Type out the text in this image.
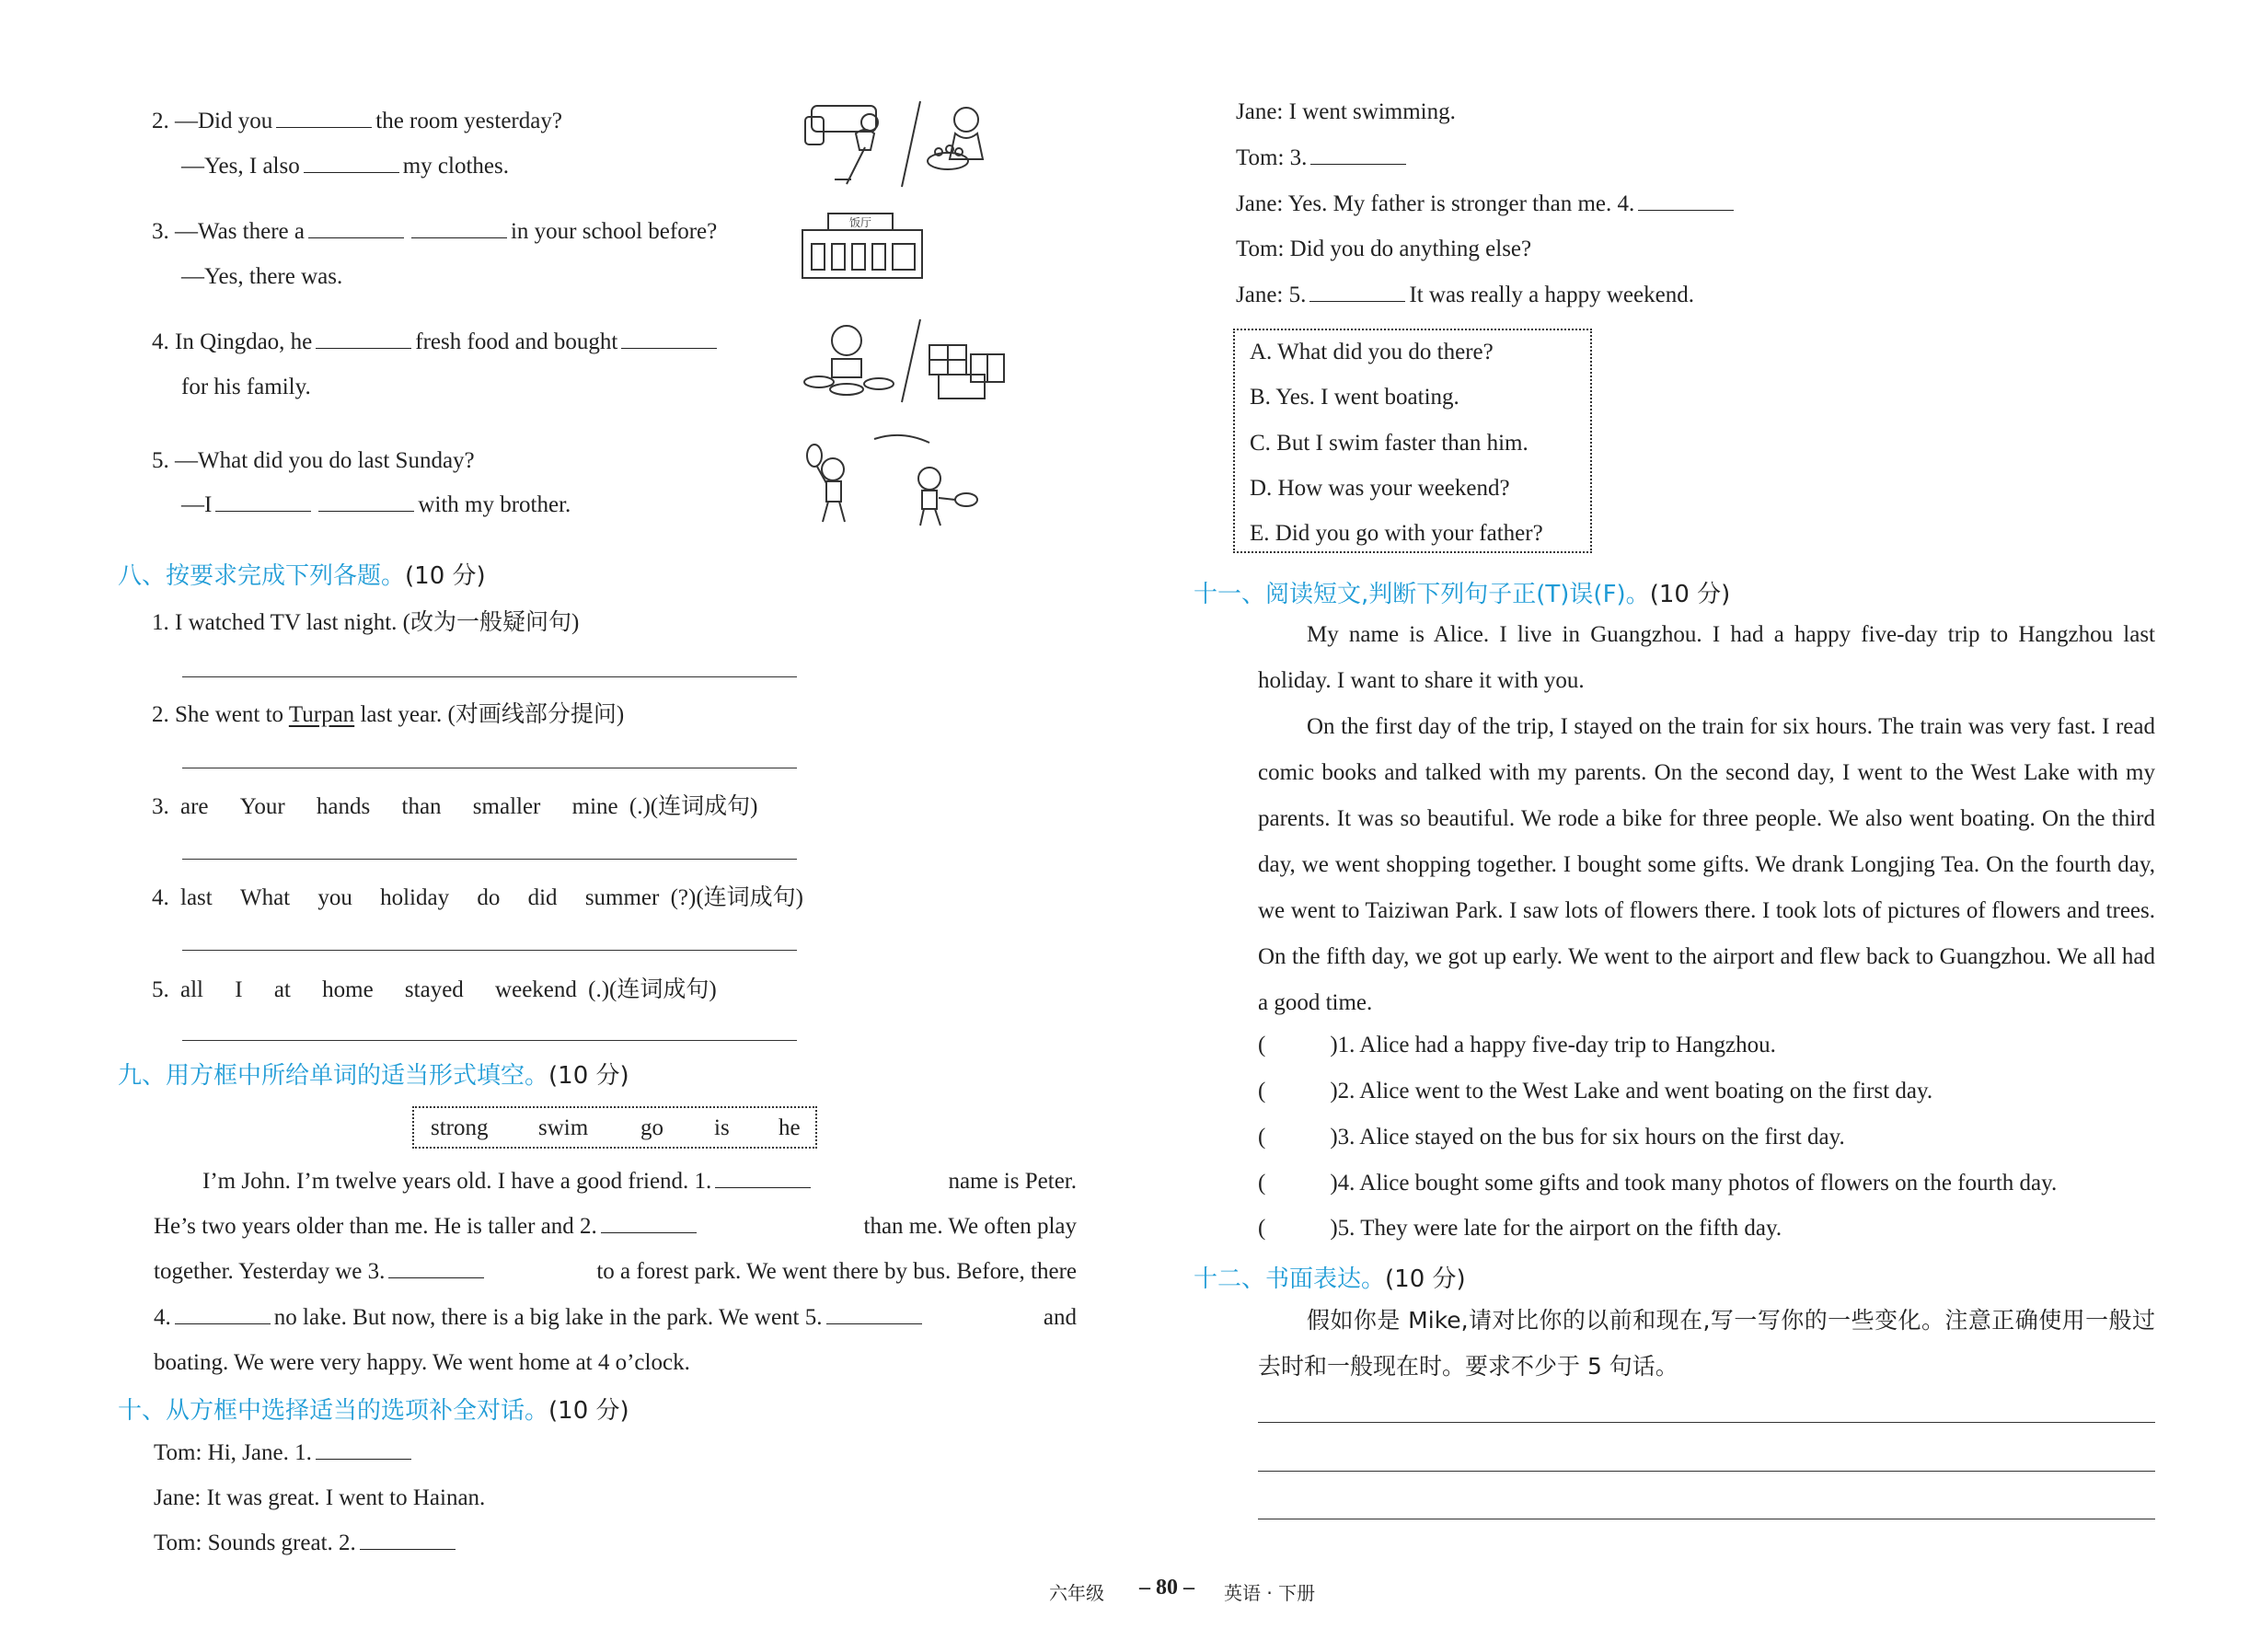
2. —Did you	the room yesterday?
—Yes, I also	my clothes.
3. —Was there a	in your school before?
—Yes, there was.
4. In Qingdao, he	fresh food and bought
for his family.
5. —What did you do last Sunday?
—I	with my brother.
饭厅
八、按要求完成下列各题。(10 分)
1. I watched TV last night. (改为一般疑问句)
2. She went to Turpan last year. (对画线部分提问)
3. are Your hands than smaller mine (.)(连词成句)
4. last What you holiday do did summer (?)(连词成句)
5. all I at home stayed weekend (.)(连词成句)
九、用方框中所给单词的适当形式填空。(10 分)
strong swim go is he
I’m John. I’m twelve years old. I have a good friend. 1.	name is Peter.
He’s two years older than me. He is taller and 2.	than me. We often play
together. Yesterday we 3.	to a forest park. We went there by bus. Before, there
4.	no lake. But now, there is a big lake in the park. We went 5.	and
boating. We were very happy. We went home at 4 o’clock.
十、从方框中选择适当的选项补全对话。(10 分)
Tom: Hi, Jane. 1.
Jane: It was great. I went to Hainan.
Tom: Sounds great. 2.
Jane: I went swimming.
Tom: 3.
Jane: Yes. My father is stronger than me. 4.
Tom: Did you do anything else?
Jane: 5.	It was really a happy weekend.
A. What did you do there?
B. Yes. I went boating.
C. But I swim faster than him.
D. How was your weekend?
E. Did you go with your father?
十一、阅读短文,判断下列句子正(T)误(F)。(10 分)
My name is Alice. I live in Guangzhou. I had a happy five-day trip to Hangzhou last holiday. I want to share it with you.
On the first day of the trip, I stayed on the train for six hours. The train was very fast. I read comic books and talked with my parents. On the second day, I went to the West Lake with my parents. It was so beautiful. We rode a bike for three people. We also went boating. On the third day, we went shopping together. I bought some gifts. We drank Longjing Tea. On the fourth day, we went to Taiziwan Park. I saw lots of flowers there. I took lots of pictures of flowers and trees. On the fifth day, we got up early. We went to the airport and flew back to Guangzhou. We all had a good time.
(	)1. Alice had a happy five-day trip to Hangzhou.
(	)2. Alice went to the West Lake and went boating on the first day.
(	)3. Alice stayed on the bus for six hours on the first day.
(	)4. Alice bought some gifts and took many photos of flowers on the fourth day.
(	)5. They were late for the airport on the fifth day.
十二、书面表达。(10 分)
假如你是 Mike,请对比你的以前和现在,写一写你的一些变化。注意正确使用一般过去时和一般现在时。要求不少于 5 句话。
六年级 – 80 – 英语 · 下册
